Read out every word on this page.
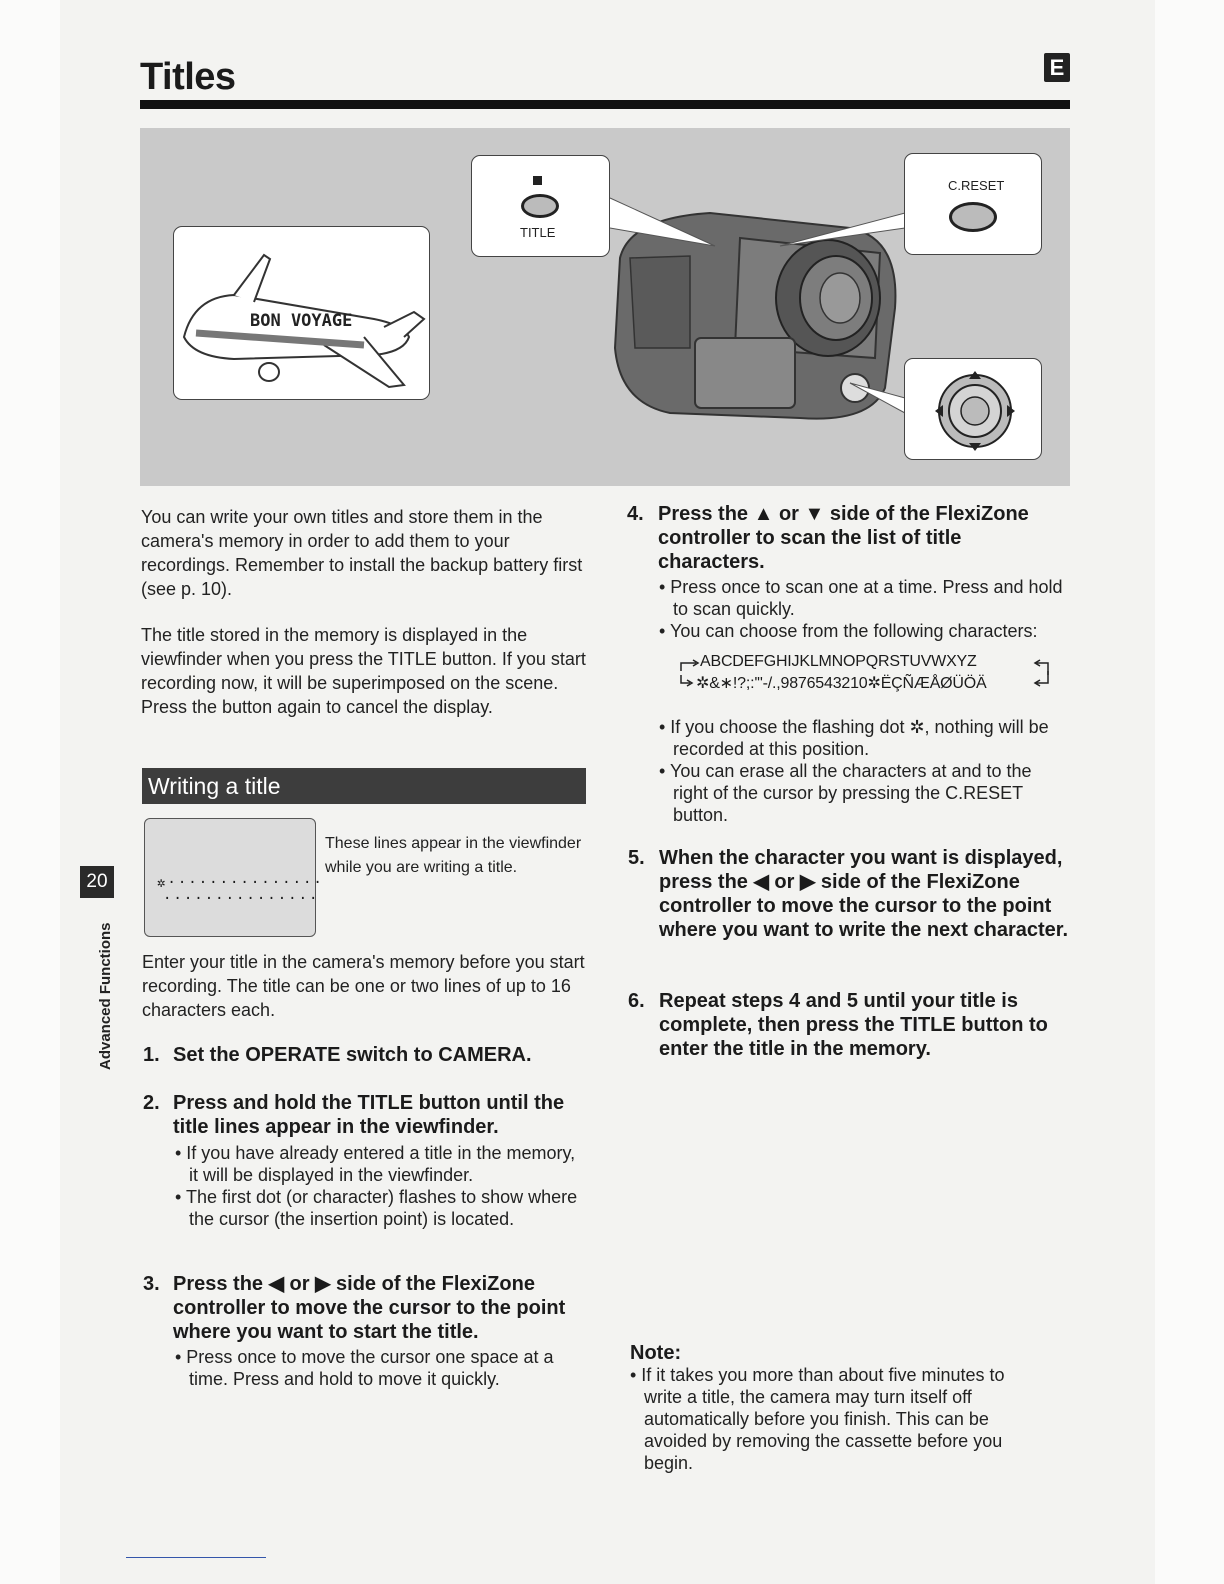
Titles	E
BON VOYAGE
TITLE
C.RESET
You can write your own titles and store them in the camera's memory in order to add them to your recordings. Remember to install the backup battery first (see p. 10).
The title stored in the memory is displayed in the viewfinder when you press the TITLE button. If you start recording now, it will be superimposed on the scene. Press the button again to cancel the display.
Writing a title
✲···············
···············
These lines appear in the viewfinder while you are writing a title.
Enter your title in the camera's memory before you start recording. The title can be one or two lines of up to 16 characters each.
20
Advanced Functions 1. Set the OPERATE switch to CAMERA.
2. Press and hold the TITLE button until the title lines appear in the viewfinder.
• If you have already entered a title in the memory, it will be displayed in the viewfinder.
• The first dot (or character) flashes to show where the cursor (the insertion point) is located.
3. Press the ◀ or ▶ side of the FlexiZone controller to move the cursor to the point where you want to start the title.
• Press once to move the cursor one space at a time. Press and hold to move it quickly.
4. Press the ▲ or ▼ side of the FlexiZone controller to scan the list of title characters.
• Press once to scan one at a time. Press and hold to scan quickly.
• You can choose from the following characters:
ABCDEFGHIJKLMNOPQRSTUVWXYZ
✲&∗!?;:'"-/.,9876543210✲ËÇÑÆÅØÜÖÄ
• If you choose the flashing dot ✲, nothing will be recorded at this position.
• You can erase all the characters at and to the right of the cursor by pressing the C.RESET button.
5. When the character you want is displayed, press the ◀ or ▶ side of the FlexiZone controller to move the cursor to the point where you want to write the next character.
6. Repeat steps 4 and 5 until your title is complete, then press the TITLE button to enter the title in the memory.
Note:
• If it takes you more than about five minutes to write a title, the camera may turn itself off automatically before you finish. This can be avoided by removing the cassette before you begin.
